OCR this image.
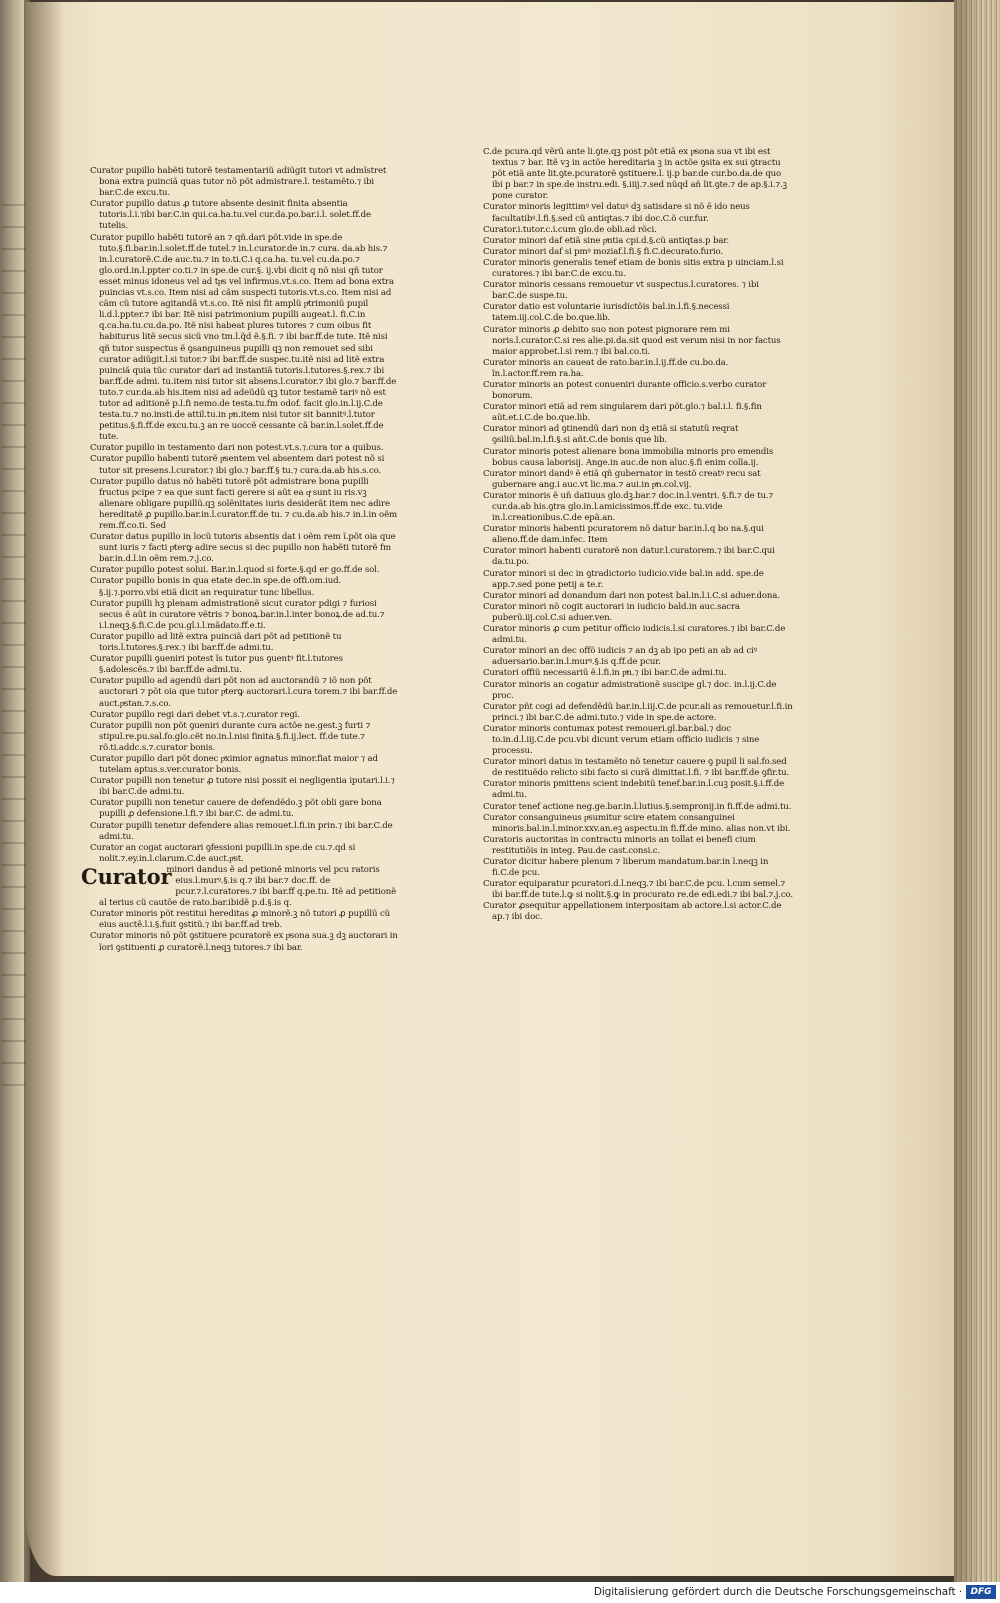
Curator pupillo habẽti tutorẽ testamentariũ adiũgit tutori vt admĩstret bona extra puinciã quas tutor nõ põt admistrare.l. testamẽto.⁊ ibi bar.C.de excu.tu.

Curator pupillo datus ꝓ tutore absente desinit finita absentia tutoris.l.i.⁊ibi bar.C.in qui.ca.ha.tu.vel cur.da.po.bar.i.l. solet.ff.de tutelis.

Curator pupillo habẽti tutorẽ an ⁊ qñ.dari põt.vide in spe.de tuto.§.fi.bar.in.l.solet.ff.de tutel.⁊ in.l.curator.de in.⁊ cura. da.ab his.⁊ in.l.curatorẽ.C.de auc.tu.⁊ in to.ti.C.i q.ca.ha. tu.vel cu.da.po.⁊ glo.ord.in.l.ppter co.ti.⁊ in spe.de cur.§. ij.vbi dicit q nõ nisi qñ tutor esset minus idoneus vel ad tpͣs vel infirmus.vt.s.co. Item ad bona extra puincias vt.s.co. Item nisi ad cãm suspecti tutoris.vt.s.co. Item nisi ad cãm cũ tutore agitandã vt.s.co. Itẽ nisi fit amplũ pͣtrimoniũ pupil li.d.l.ppter.⁊ ibi bar. Itẽ nisi patrimonium pupilli augeat.l. fi.C.in q.ca.ha.tu.cu.da.po. Itẽ nisi habeat plures tutores ⁊ cum oibus fit habiturus litẽ secus sicũ vno tm.l.q̃d ẽ.§.fi. ⁊ ibi bar.ff.de tute. Itẽ nisi qñ tutor suspectus ẽ ꝯsanguineus pupilli qꝫ non remouet sed sibi curator adiũgit.l.si tutor.⁊ ibi bar.ff.de suspec.tu.itẽ nisi ad litẽ extra puinciã quia tũc curator dari ad instantiã tutoris.l.tutores.§.rex.⁊ ibi bar.ff.de admi. tu.item nisi tutor sit absens.l.curator.⁊ ibi glo.⁊ bar.ff.de tuto.⁊ cur.da.ab his.item nisi ad adeũdũ qꝫ tutor testamẽ tariꝰ nõ est tutor ad aditionẽ p.l.fi nemo.de testa.tu.fm odof. facit glo.in.l.ij.C.de testa.tu.⁊ no.insti.de attil.tu.in pͣn.item nisi tutor sit bannitꝰ.l.tutor petitus.§.fi.ff.de excu.tu.ꝫ an re uoccẽ cessante cã bar.in.l.solet.ff.de tute.

Curator pupillo in testamento dari non potest.vt.s.⁊.cura tor a quibus.

Curator pupillo habenti tutorẽ pͣsentem vel absentem dari potest nõ si tutor sit presens.l.curator.⁊ ibi glo.⁊ bar.ff.§ tu.⁊ cura.da.ab his.s.co.

Curator pupillo datus nõ habẽti tutorẽ põt admistrare bona pupilli fructus pcipe ⁊ ea que sunt facti gerere si aũt ea qͣ sunt iu ris.vꝫ alienare obligare pupillũ.qꝫ solẽnitates iuris desiderãt item nec adire hereditatẽ ꝓ pupillo.bar.in.l.curator.ff.de tu. ⁊ cu.da.ab his.⁊ in.l.in oẽm rem.ff.co.ti. Sed

Curator datus pupillo in locũ tutoris absentis dat i oẽm rem ĩ.põt oia que sunt iuris ⁊ facti pͣterꝙ adire secus si dec pupillo non habẽti tutorẽ fm bar.in.d.l.in oẽm rem.⁊.j.co.

Curator pupillo potest solui. Bar.in.l.quod si forte.§.qd er go.ff.de sol.

Curator pupillo bonis in qua etate dec.in spe.de offi.om.iud. §.ij.⁊.porro.vbi etiã dicit an requiratur tunc libellus.

Curator pupilli hꝫ plenam admistrationẽ sicut curator pdigi ⁊ furiosi secus ẽ aũt in curatore vẽtris ⁊ bonoꝝ.bar.in.l.inter bonoꝝ.de ad.tu.⁊ i.l.neqꝫ.§.fi.C.de pcu.gl.i.l.mãdato.ff.e.ti.

Curator pupillo ad litẽ extra puinciã dari põt ad petitionẽ tu toris.l.tutores.§.rex.⁊ ibi bar.ff.de admi.tu.

Curator pupilli ꝯueniri potest ĩs tutor pus ꝯuentꝰ fit.l.tutores §.adolescẽs.⁊ ibi bar.ff.de admi.tu.

Curator pupillo ad agendũ dari põt non ad auctorandũ ⁊ iõ non põt auctorari ⁊ põt oia que tutor pͣterꝙ auctorari.l.cura torem.⁊ ibi bar.ff.de auct.pͣstan.⁊.s.co.

Curator pupillo regi dari debet vt.s.⁊.curator regi.

Curator pupilli non põt ꝯueniri durante cura actõe ne.gest.ꝫ furti ⁊ stipul.re.pu.sal.fo.glo.cẽt no.in.l.nisi finita.§.fi.ij.lect. ff.de tute.⁊ rõ.ti.addc.s.⁊.curator bonis.

Curator pupillo dari põt donec pͣximior agnatus minor.fiat maior ⁊ ad tutelam aptus.s.ver.curator bonis.

Curator pupilli non tenetur ꝓ tutore nisi possit ei negligentia iputari.l.i.⁊ ibi bar.C.de admi.tu.

Curator pupilli non tenetur cauere de defendẽdo.ꝫ põt obli gare bona pupilli ꝓ defensione.l.fi.⁊ ibi bar.C. de admi.tu.

Curator pupilli tenetur defendere alias remouet.l.fi.in prin.⁊ ibi bar.C.de admi.tu.

Curator an cogat auctorari ꝯfessioni pupilli.in spe.de cu.⁊.qd si nolit.⁊.ey.in.l.clarum.C.de auct.pͣst.

Curator
minori dandus ẽ ad petionẽ minoris vel pcu ratoris eius.l.murꝰ.§.is q.⁊ ibi bar.⁊ doc.ff. de pcur.⁊.l.curatores.⁊ ibi bar.ff q.pe.tu. Itẽ ad petitionẽ al terius cũ cautõe de rato.bar.ibidẽ p.d.§.is q.

Curator minoris põt restitui hereditas ꝓ minorẽ.ꝫ nõ tutori ꝓ pupillũ cũ eius auctẽ.l.i.§.fuit ꝯstitũ.⁊ ibi bar.ff.ad treb.

Curator minoris nõ põt ꝯstituere pcuratorẽ ex pͣsona sua.ꝫ dꝫ auctorari in ĩori ꝯstituenti ꝓ curatorẽ.l.neqꝫ tutores.⁊ ibi bar.

C.de pcura.qd vẽrũ ante li.ꝯte.qꝫ post põt etiã ex pͣsona sua vt ibi est textus ⁊ bar. Itẽ vꝫ in actõe hereditaria ꝫ in actõe ꝯsita ex sui ꝯtractu põt etiã ante lit.ꝯte.pcuratorẽ ꝯstituere.l. ij.p bar.de cur.bo.da.de quo ibi p bar.⁊ in spe.de instru.edi. §.iiij.⁊.sed nũqd añ lit.ꝯte.⁊ de ap.§.i.⁊.ꝫ pone curator.

Curator minoris legittimꝰ vel datuꝰ dꝫ satisdare si nõ ẽ ido neus facultatibꝰ.l.fi.§.sed cũ antiqtas.⁊ ibi doc.C.õ cur.fur.

Curator.i.tutor.c.i.cum glo.de obli.ad rõci.

Curator minori daf etiã sine pͣntia cpi.d.§.cũ antiqtas.p bar.

Curator minori daf si pmꝰ moziaf.l.fi.§ fi.C.decurato.furio.

Curator minoris generalis tenef etiam de bonis sitis extra p uinciam.l.si curatores.⁊ ibi bar.C.de excu.tu.

Curator minoris cessans remouetur vt suspectus.l.curatores. ⁊ ibi bar.C.de suspe.tu.

Curator datio est voluntarie iurisdictõis bal.in.l.fi.§.necessi tatem.iij.col.C.de bo.que.lib.

Curator minoris ꝓ debito suo non potest pignorare rem mi noris.l.curator.C.si res alie.pi.da.sit quod est verum nisi in nor factus maior approbet.l.si rem.⁊ ibi bal.co.ti.

Curator minoris an caueat de rato.bar.in.l.ij.ff.de cu.bo.da. ĩn.l.actor.ff.rem ra.ha.

Curator minoris an potest conueniri durante officio.s.verbo curator bonorum.

Curator minori etiã ad rem singularem dari põt.glo.⁊ bal.i.l. fi.§.fin aũt.et.i.C.de bo.que.lib.

Curator minori ad ꝯtinendũ dari non dꝫ etiã si statutũ reqrat ꝯsiliũ.bal.in.l.fi.§.si añt.C.de bonis que lib.

Curator minoris potest alienare bona immobilia minoris pro emendis bobus causa laborisij. Ange.in auc.de non aluc.§.fi enim colla.ij.

Curator minori dandꝰ ẽ etiã qñ gubernator in testõ creatꝰ recu sat gubernare ang.i auc.vt lic.ma.⁊ aui.in pͣn.col.vij.

Curator minoris ẽ uñ datiuus glo.dꝫ.bar.⁊ doc.in.l.ventri. §.fi.⁊ de tu.⁊ cur.da.ab his.ꝯtra glo.in.l.amicissimos.ff.de exc. tu.vide in.l.creationibus.C.de epã.an.

Curator minoris habenti pcuratorem nõ datur bar.in.l.q bo na.§.qui alieno.ff.de dam.infec. Item

Curator minori habenti curatorẽ non datur.l.curatorem.⁊ ibi bar.C.qui da.tu.po.

Curator minori si dec in ꝯtradictorio iudicio.vide bal.in add. spe.de app.⁊.sed pone petij a te.r.

Curator minori ad donandum dari non potest bal.in.l.i.C.si aduer.dona.

Curator minori nõ cogit auctorari in iudicio bald.in auc.sacra puberũ.iij.col.C.si aduer.ven.

Curator minoris ꝓ cum petitur officio iudicis.l.si curatores.⁊ ibi bar.C.de admi.tu.

Curator minori an dec offõ iudicis ⁊ an dꝫ ab ipo peti an ab ad ciꝰ aduersario.bar.in.l.murꝰ.§.is q.ff.de pcur.

Curatori offiũ necessariũ ẽ.l.fi.in pͣn.⁊ ibi bar.C.de admi.tu.

Curator minoris an cogatur admistrationẽ suscipe gl.⁊ doc. in.l.ij.C.de proc.

Curator pñt cogi ad defendẽdũ bar.in.l.iij.C.de pcur.ali as remouetur.l.fi.in princi.⁊ ibi bar.C.de admi.tuto.⁊ vide in spe.de actore.

Curator minoris contumax potest remoueri.gl.bar.bal.⁊ doc to.in.d.l.iij.C.de pcu.vbi dicunt verum etiam officio iudicis ⁊ sine processu.

Curator minori datus in testamẽto nõ tenetur cauere ꝯ pupil li sal.fo.sed de restituẽdo relicto sibi facto si curã dimittat.l.fi. ⁊ ibi bar.ff.de ꝯfir.tu.

Curator minoris pmittens scient indebitũ tenef.bar.in.l.cuꝫ posit.§.i.ff.de admi.tu.

Curator tenef actione neg.ge.bar.in.l.lutius.§.sempronij.in fi.ff.de admi.tu.

Curator consanguineus pͣsumitur scire etatem consanguinei minoris.bal.in.l.minor.xxv.an.eꝫ aspectu.in fi.ff.de mino. alias non.vt ibi.

Curatoris auctoritas in contractu minoris an tollat ei benefi cium restitutiõis in integ. Pau.de cast.consi.c.

Curator dicitur habere plenum ⁊ liberum mandatum.bar.in l.neqꝫ in fi.C.de pcu.

Curator equiparatur pcuratori.d.l.neqꝫ.⁊ ibi bar.C.de pcu. l.cum semel.⁊ ibi bar.ff.de tute.l.ꝙ si nolit.§.ꝙ in procurato re.de edi.edi.⁊ ibi bal.⁊.j.co.

Curator ꝓsequitur appellationem interpositam ab actore.l.si actor.C.de ap.⁊ ibi doc.

Digitalisierung gefördert durch die Deutsche Forschungsgemeinschaft · DFG
